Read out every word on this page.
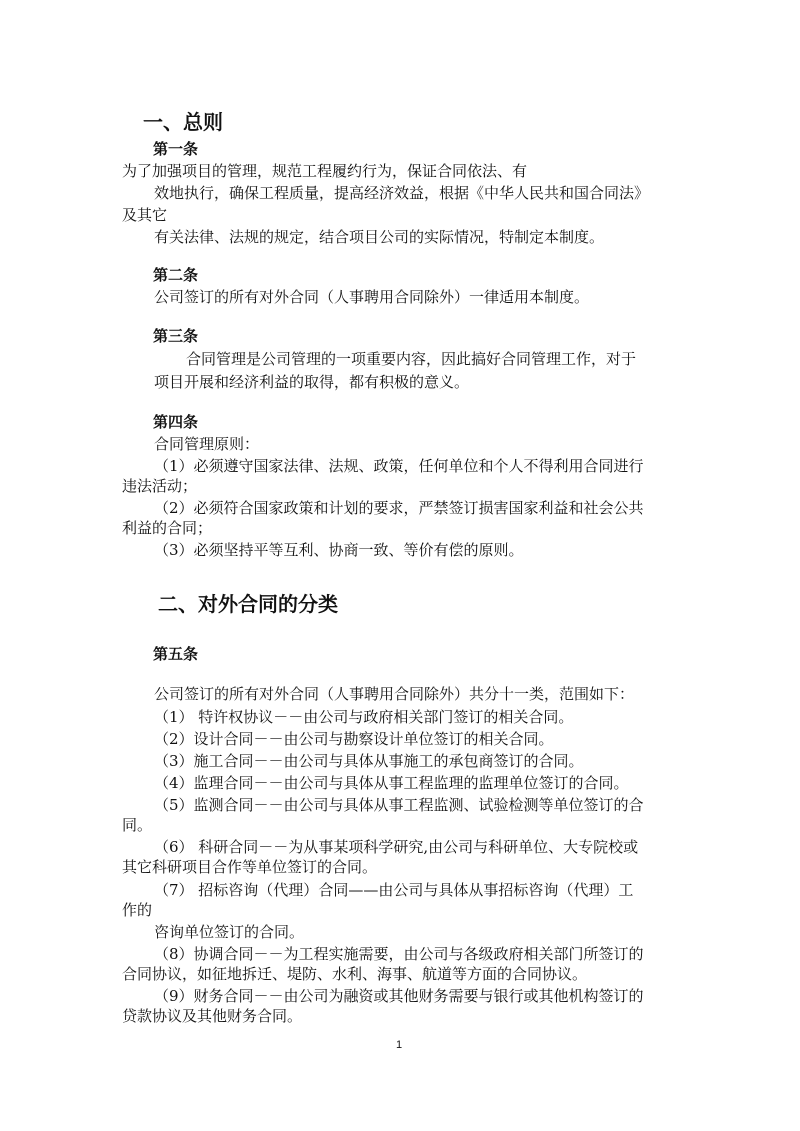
一、总则
第一条
为了加强项目的管理，规范工程履约行为，保证合同依法、有
效地执行，确保工程质量，提高经济效益，根据《中华人民共和国合同法》
及其它
有关法律、法规的规定，结合项目公司的实际情况，特制定本制度。
第二条
公司签订的所有对外合同（人事聘用合同除外）一律适用本制度。
第三条
合同管理是公司管理的一项重要内容，因此搞好合同管理工作，对于
项目开展和经济利益的取得，都有积极的意义。
第四条
合同管理原则：
（1）必须遵守国家法律、法规、政策，任何单位和个人不得利用合同进行
违法活动；
（2）必须符合国家政策和计划的要求，严禁签订损害国家利益和社会公共
利益的合同；
（3）必须坚持平等互利、协商一致、等价有偿的原则。
二、对外合同的分类
第五条
公司签订的所有对外合同（人事聘用合同除外）共分十一类，范围如下：
（1） 特许权协议－－由公司与政府相关部门签订的相关合同。
（2）设计合同－－由公司与勘察设计单位签订的相关合同。
（3）施工合同－－由公司与具体从事施工的承包商签订的合同。
（4）监理合同－－由公司与具体从事工程监理的监理单位签订的合同。
（5）监测合同－－由公司与具体从事工程监测、试验检测等单位签订的合
同。
（6） 科研合同－－为从事某项科学研究,由公司与科研单位、大专院校或
其它科研项目合作等单位签订的合同。
（7） 招标咨询（代理）合同——由公司与具体从事招标咨询（代理）工
作的
咨询单位签订的合同。
（8）协调合同－－为工程实施需要，由公司与各级政府相关部门所签订的
合同协议，如征地拆迁、堤防、水利、海事、航道等方面的合同协议。
（9）财务合同－－由公司为融资或其他财务需要与银行或其他机构签订的
贷款协议及其他财务合同。
1
